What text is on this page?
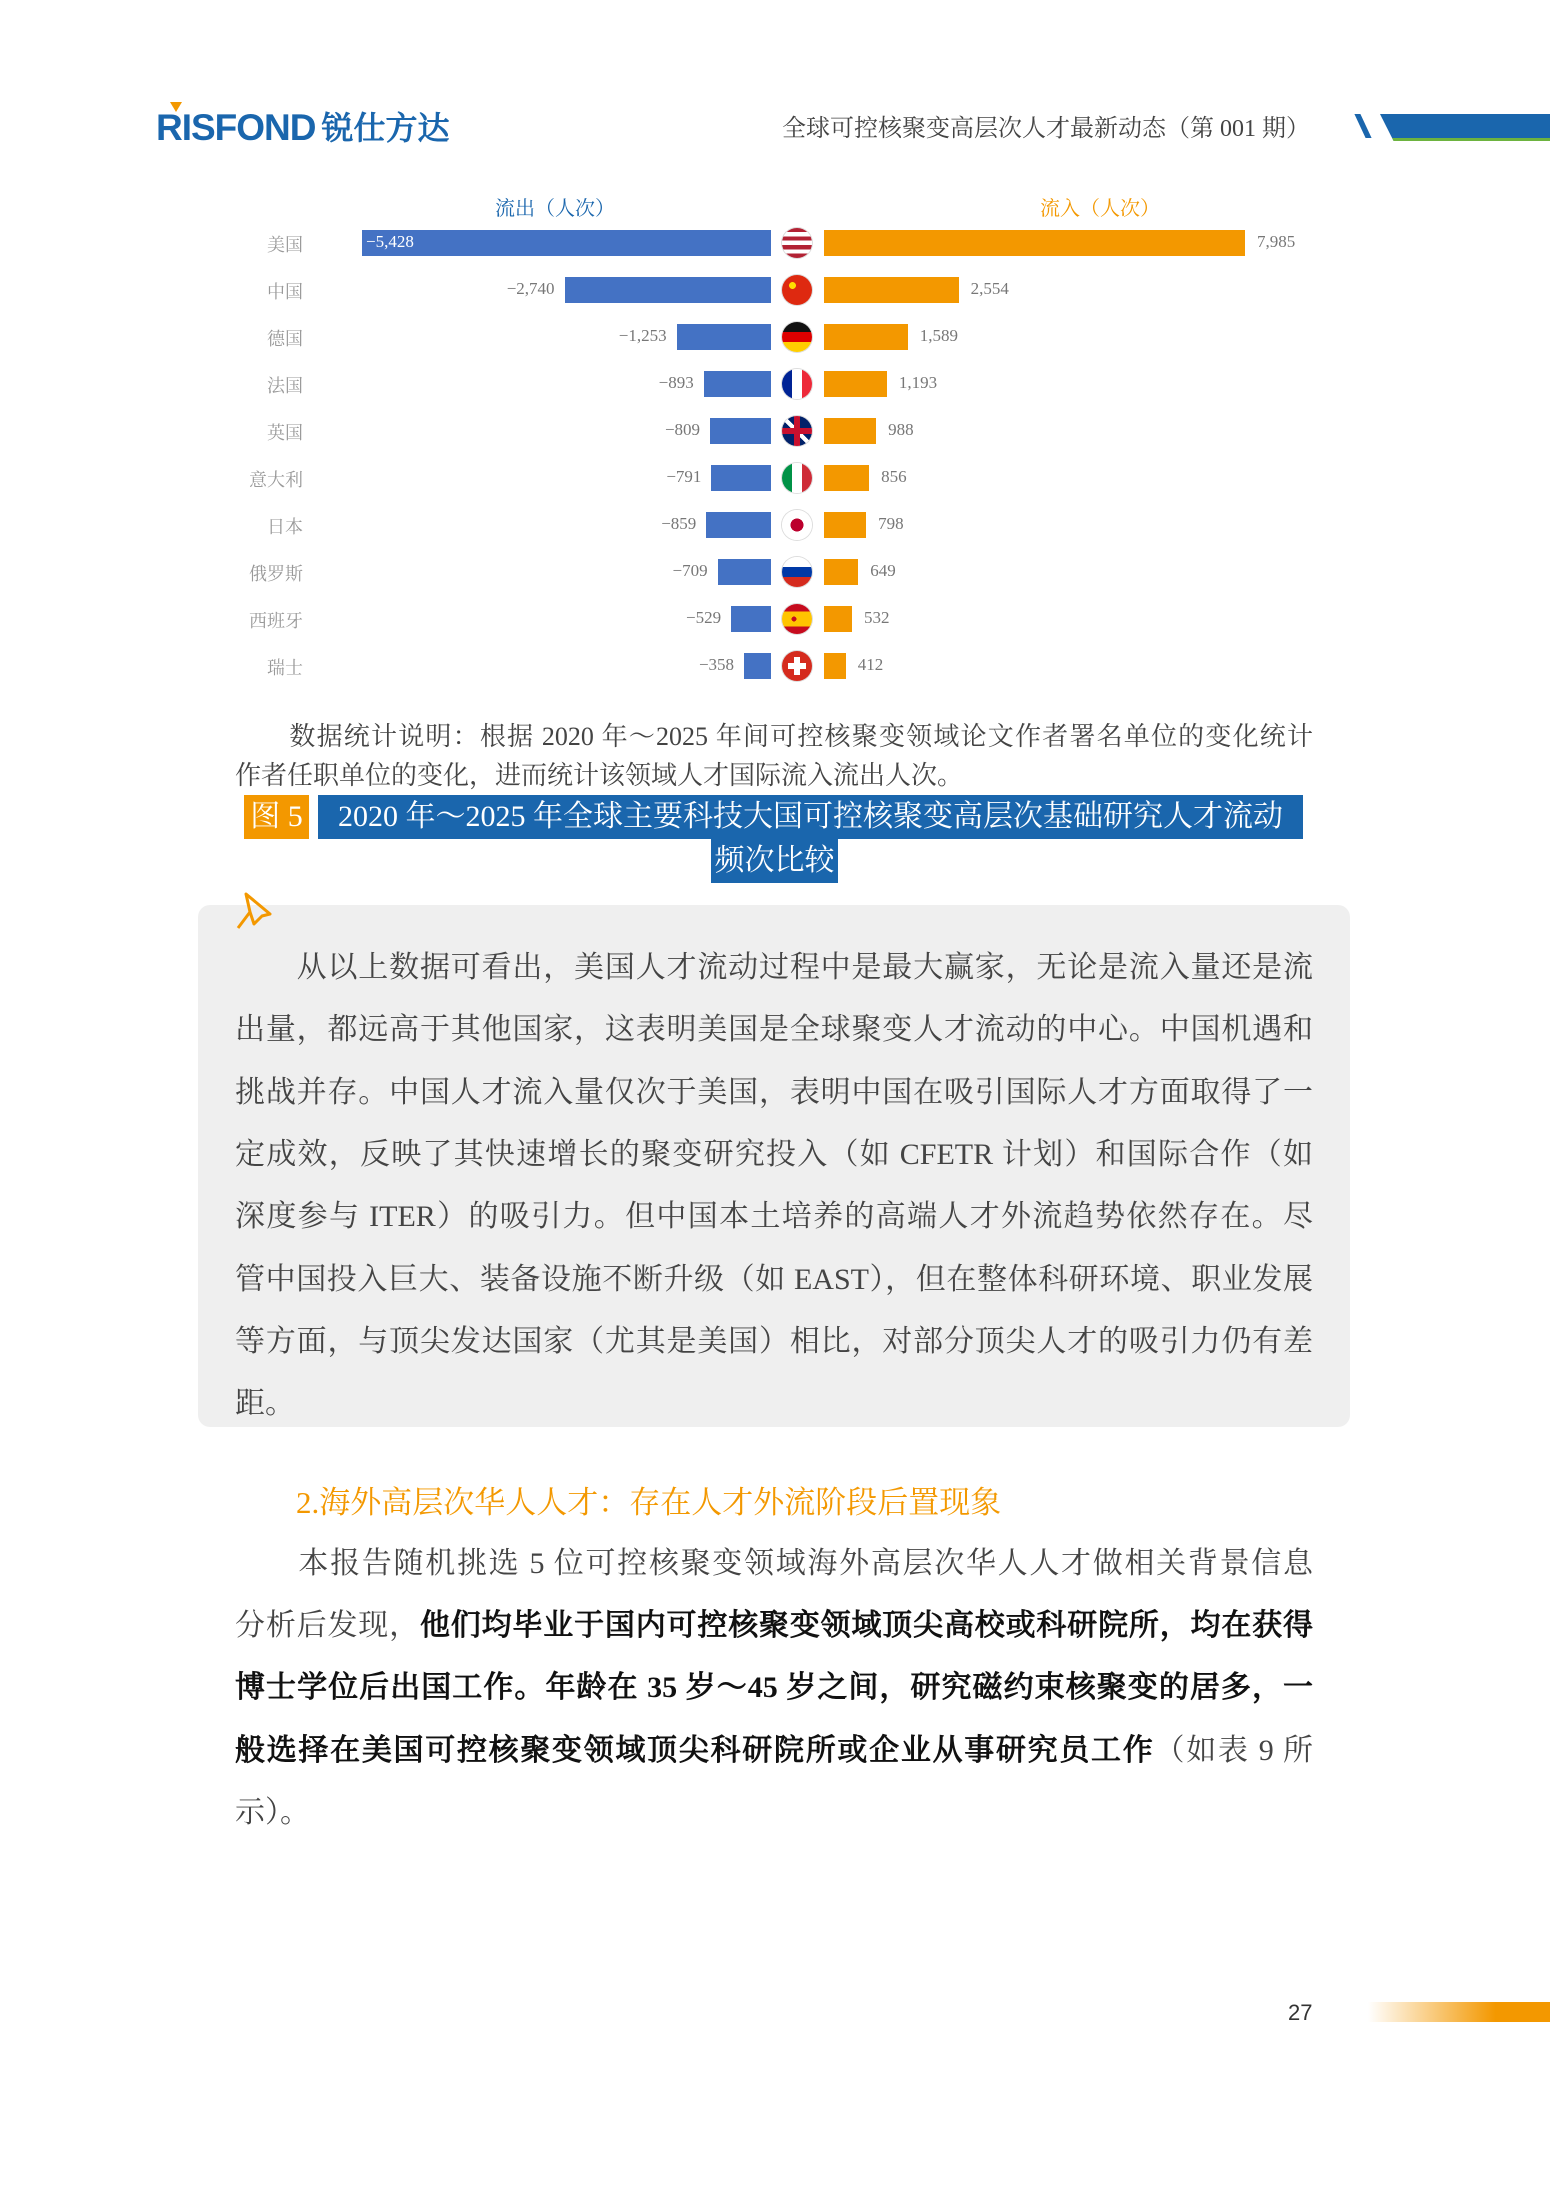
RISFOND 锐仕方达	全球可控核聚变高层次人才最新动态（第 001 期）
流出（人次）	流入（人次）
美国	−5,428	7,985
中国	−2,740	2,554
德国	−1,253	1,589
法国	−893	1,193
英国	−809	988
意大利	−791	856
日本	−859	798
俄罗斯	−709	649
西班牙	−529	532
瑞士	−358	412
图 5	2020 年～2025 年全球主要科技大国可控核聚变高层次基础研究人才流动
频次比较
2.海外高层次华人人才：存在人才外流阶段后置现象
27
　　数据统计说明：根据 2020 年～2025 年间可控核聚变领域论文作者署名单位的变化统计
作者任职单位的变化，进而统计该领域人才国际流入流出人次。
　　从以上数据可看出，美国人才流动过程中是最大赢家，无论是流入量还是流
出量，都远高于其他国家，这表明美国是全球聚变人才流动的中心。中国机遇和
挑战并存。中国人才流入量仅次于美国，表明中国在吸引国际人才方面取得了一
定成效，反映了其快速增长的聚变研究投入（如 CFETR 计划）和国际合作（如
深度参与 ITER）的吸引力。但中国本土培养的高端人才外流趋势依然存在。尽
管中国投入巨大、装备设施不断升级（如 EAST），但在整体科研环境、职业发展
等方面，与顶尖发达国家（尤其是美国）相比，对部分顶尖人才的吸引力仍有差
距。
　　本报告随机挑选 5 位可控核聚变领域海外高层次华人人才做相关背景信息
分析后发现，他们均毕业于国内可控核聚变领域顶尖高校或科研院所，均在获得
博士学位后出国工作。年龄在 35 岁～45 岁之间，研究磁约束核聚变的居多，一
般选择在美国可控核聚变领域顶尖科研院所或企业从事研究员工作（如表 9 所
示）。
